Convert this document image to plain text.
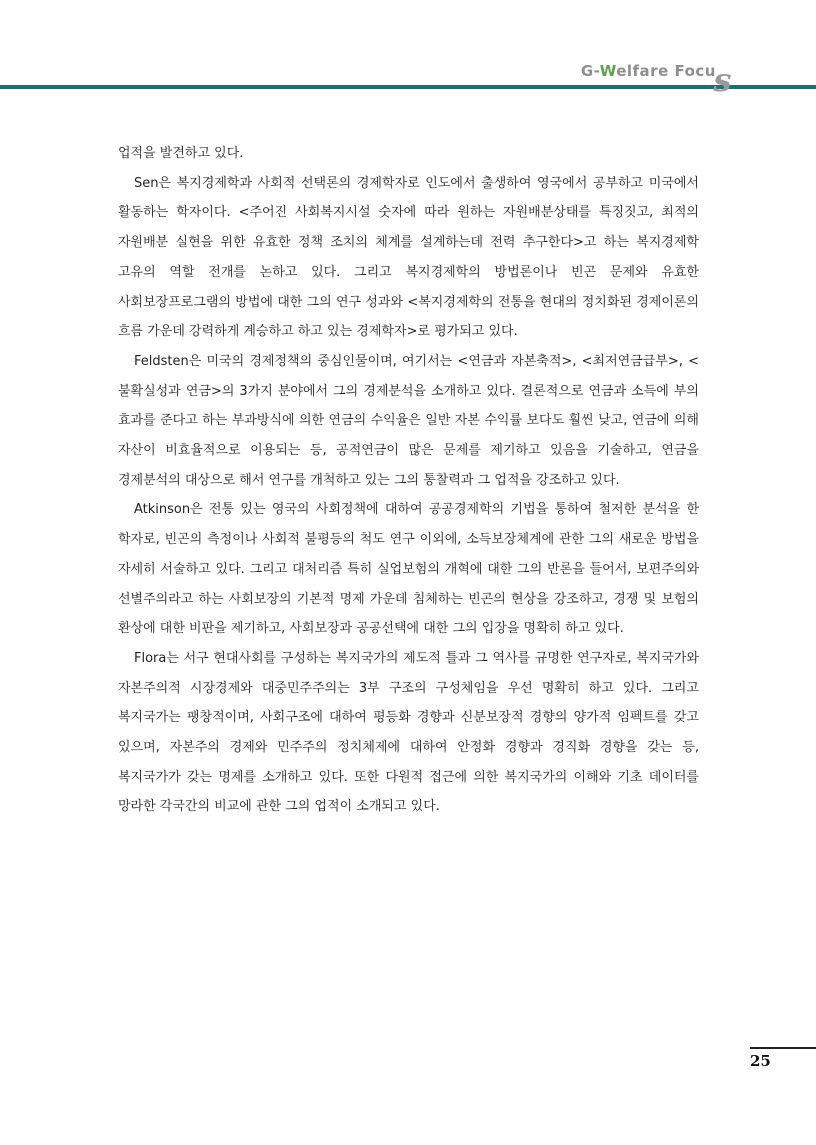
G-Welfare Focu
s

업적을 발견하고 있다.

Sen은 복지경제학과 사회적 선택론의 경제학자로 인도에서 출생하여 영국에서 공부하고 미국에서 활동하는 학자이다. <주어진 사회복지시설 숫자에 따라 원하는 자원배분상태를 특징짓고, 최적의 자원배분 실현을 위한 유효한 정책 조치의 체계를 설계하는데 전력 추구한다>고 하는 복지경제학 고유의 역할 전개를 논하고 있다. 그리고 복지경제학의 방법론이나 빈곤 문제와 유효한 사회보장프로그램의 방법에 대한 그의 연구 성과와 <복지경제학의 전통을 현대의 정치화된 경제이론의 흐름 가운데 강력하게 계승하고 하고 있는 경제학자>로 평가되고 있다.

Feldsten은 미국의 경제정책의 중심인물이며, 여기서는 <연금과 자본축적>, <최저연금급부>, <불확실성과 연금>의 3가지 분야에서 그의 경제분석을 소개하고 있다. 결론적으로 연금과 소득에 부의 효과를 준다고 하는 부과방식에 의한 연금의 수익율은 일반 자본 수익률 보다도 훨씬 낮고, 연금에 의해 자산이 비효율적으로 이용되는 등, 공적연금이 많은 문제를 제기하고 있음을 기술하고, 연금을 경제분석의 대상으로 해서 연구를 개척하고 있는 그의 통찰력과 그 업적을 강조하고 있다.

Atkinson은 전통 있는 영국의 사회정책에 대하여 공공경제학의 기법을 통하여 철저한 분석을 한 학자로, 빈곤의 측정이나 사회적 불평등의 척도 연구 이외에, 소득보장체계에 관한 그의 새로운 방법을 자세히 서술하고 있다. 그리고 대처리즘 특히 실업보험의 개혁에 대한 그의 반론을 들어서, 보편주의와 선별주의라고 하는 사회보장의 기본적 명제 가운데 침체하는 빈곤의 현상을 강조하고, 경쟁 및 보험의 환상에 대한 비판을 제기하고, 사회보장과 공공선택에 대한 그의 입장을 명확히 하고 있다.

Flora는 서구 현대사회를 구성하는 복지국가의 제도적 틀과 그 역사를 규명한 연구자로, 복지국가와 자본주의적 시장경제와 대중민주주의는 3부 구조의 구성체임을 우선 명확히 하고 있다. 그리고 복지국가는 팽창적이며, 사회구조에 대하여 평등화 경향과 신분보장적 경향의 양가적 임펙트를 갖고 있으며, 자본주의 경제와 민주주의 정치체제에 대하여 안정화 경향과 경직화 경향을 갖는 등, 복지국가가 갖는 명제를 소개하고 있다. 또한 다원적 접근에 의한 복지국가의 이해와 기초 데이터를 망라한 각국간의 비교에 관한 그의 업적이 소개되고 있다.

25
